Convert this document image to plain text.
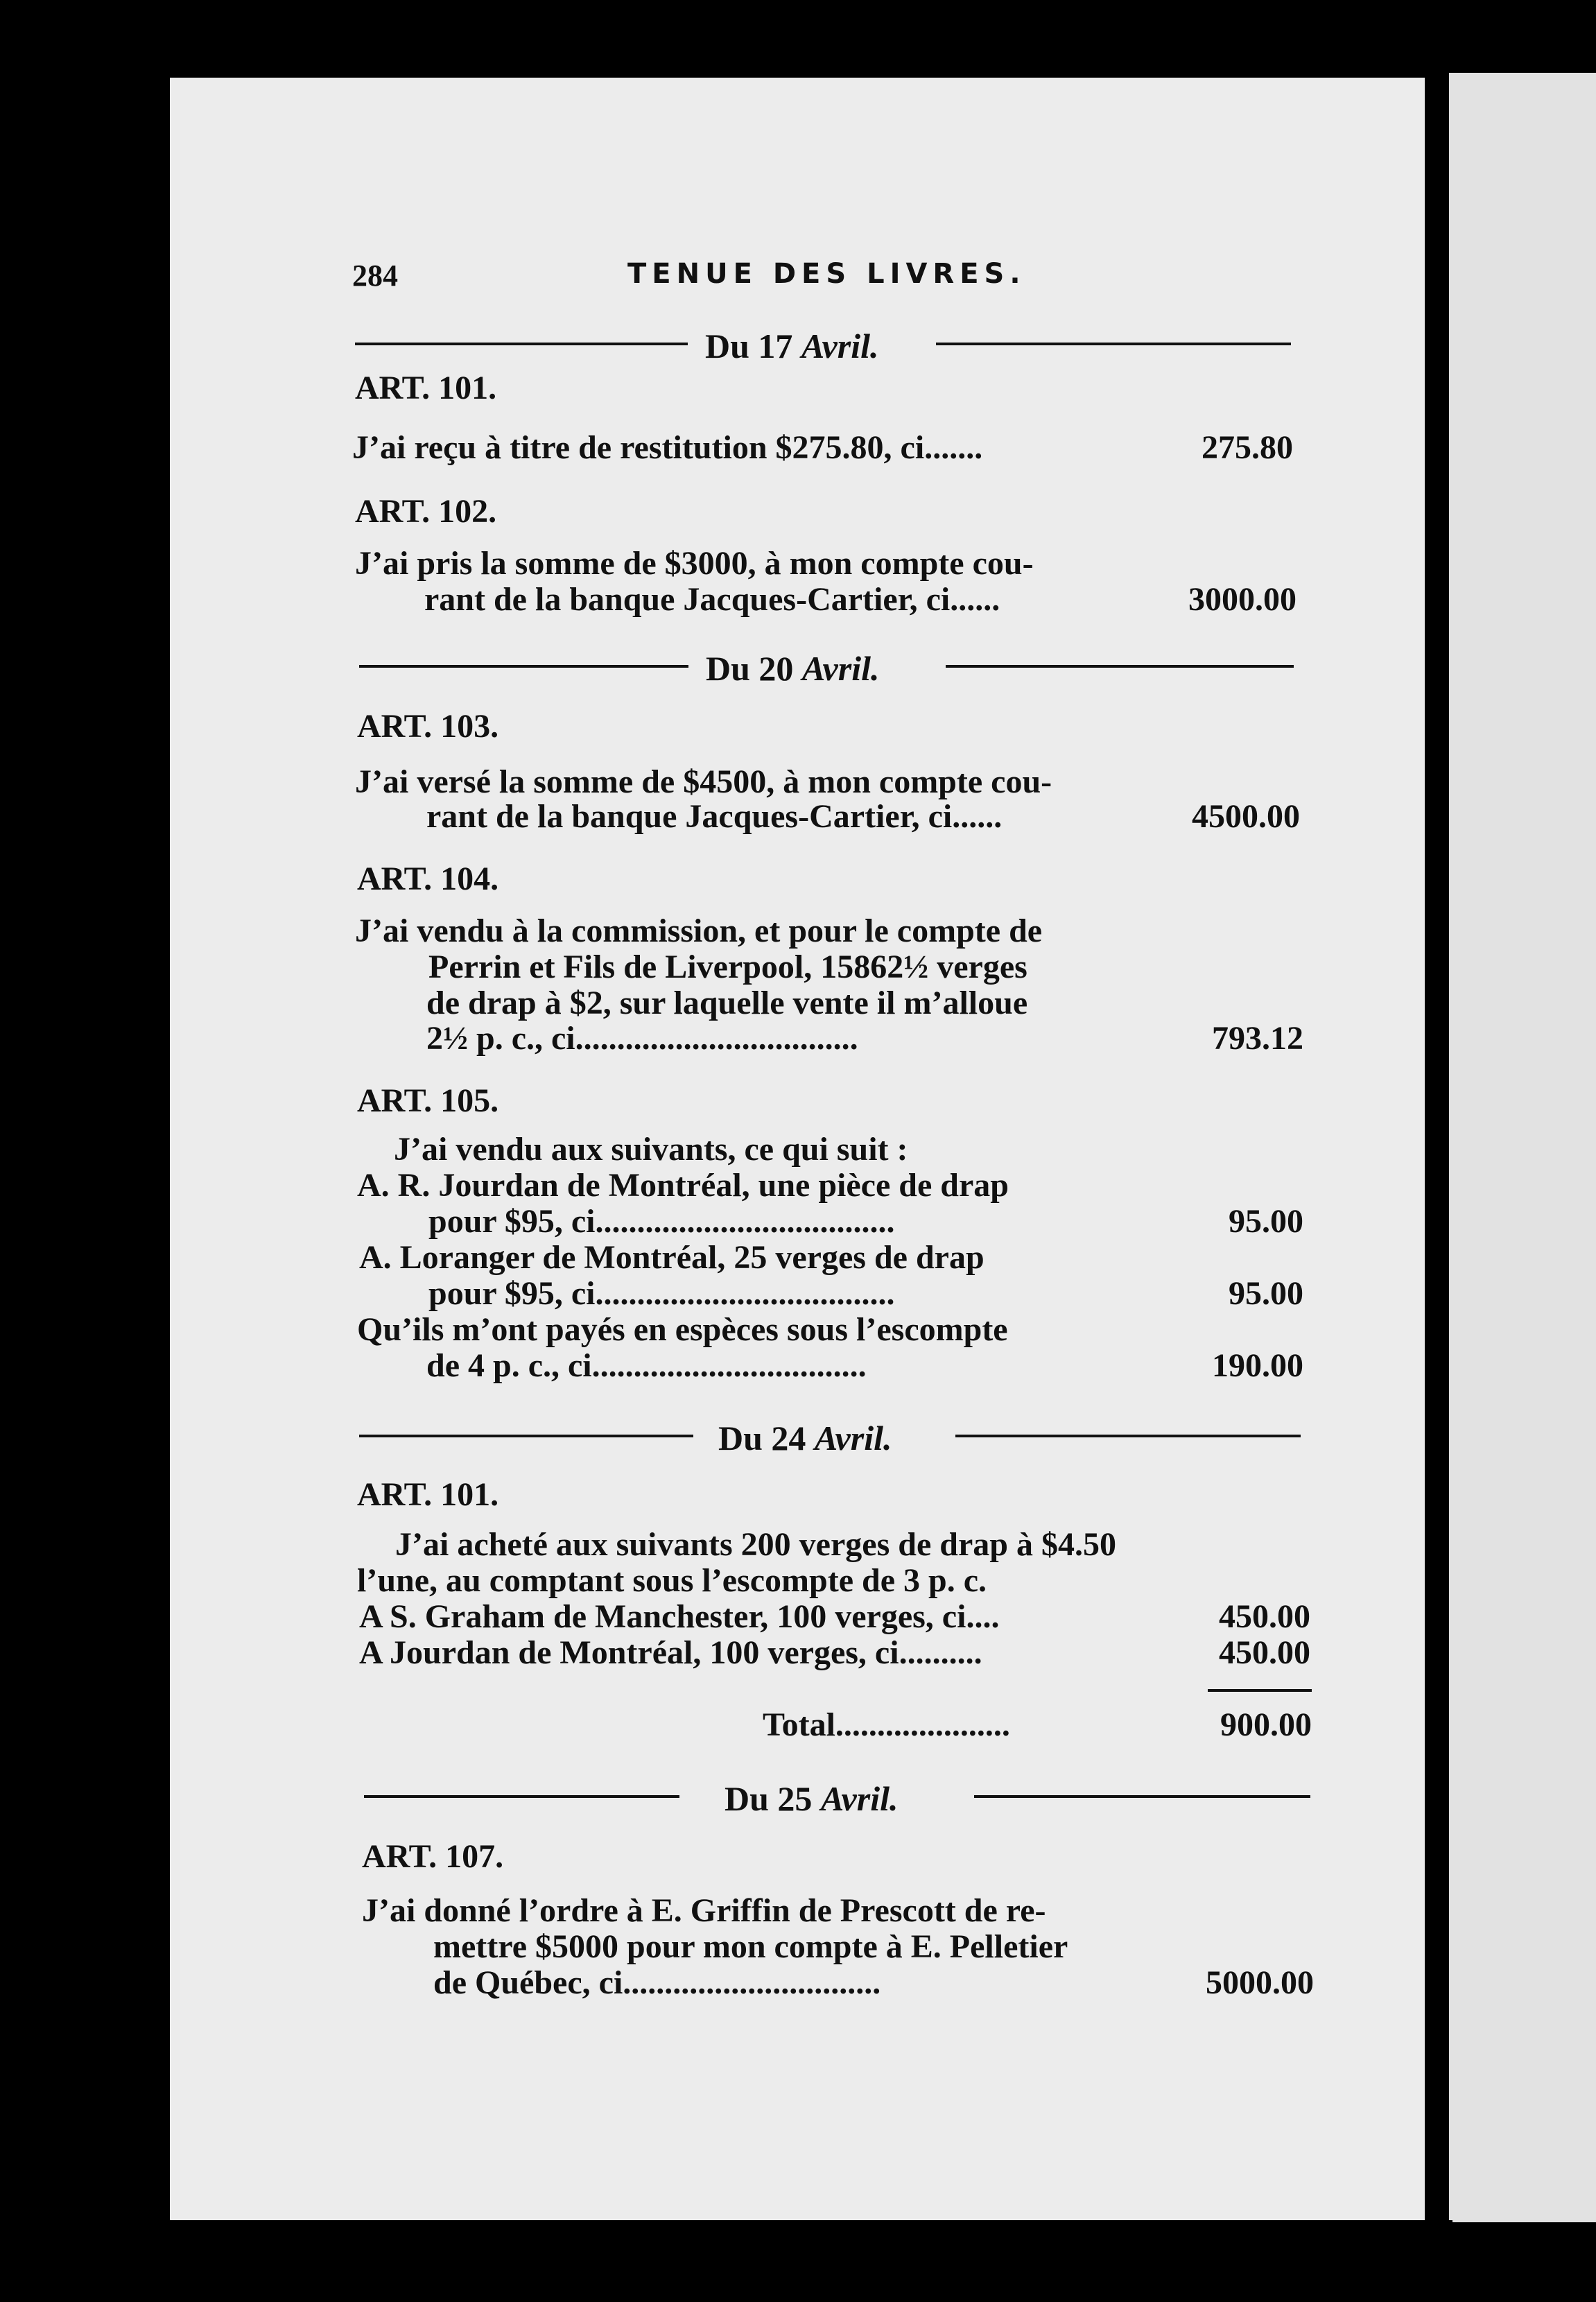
284	TENUE DES LIVRES.
Du 17 Avril.
ART. 101.
J’ai reçu à titre de restitution $275.80, ci.......	275.80
ART. 102.
J’ai pris la somme de $3000, à mon compte cou-
rant de la banque Jacques-Cartier, ci......	3000.00
Du 20 Avril.
ART. 103.
J’ai versé la somme de $4500, à mon compte cou-
rant de la banque Jacques-Cartier, ci......	4500.00
ART. 104.
J’ai vendu à la commission, et pour le compte de
Perrin et Fils de Liverpool, 15862½ verges
de drap à $2, sur laquelle vente il m’alloue
2½ p. c., ci..................................	793.12
ART. 105.
J’ai vendu aux suivants, ce qui suit :
A. R. Jourdan de Montréal, une pièce de drap
pour $95, ci....................................	95.00
A. Loranger de Montréal, 25 verges de drap
pour $95, ci....................................	95.00
Qu’ils m’ont payés en espèces sous l’escompte
de 4 p. c., ci.................................	190.00
Du 24 Avril.
ART. 101.
J’ai acheté aux suivants 200 verges de drap à $4.50
l’une, au comptant sous l’escompte de 3 p. c.
A S. Graham de Manchester, 100 verges, ci....	450.00
A Jourdan de Montréal, 100 verges, ci..........	450.00
Total.....................	900.00
Du 25 Avril.
ART. 107.
J’ai donné l’ordre à E. Griffin de Prescott de re-
mettre $5000 pour mon compte à E. Pelletier
de Québec, ci...............................	5000.00
